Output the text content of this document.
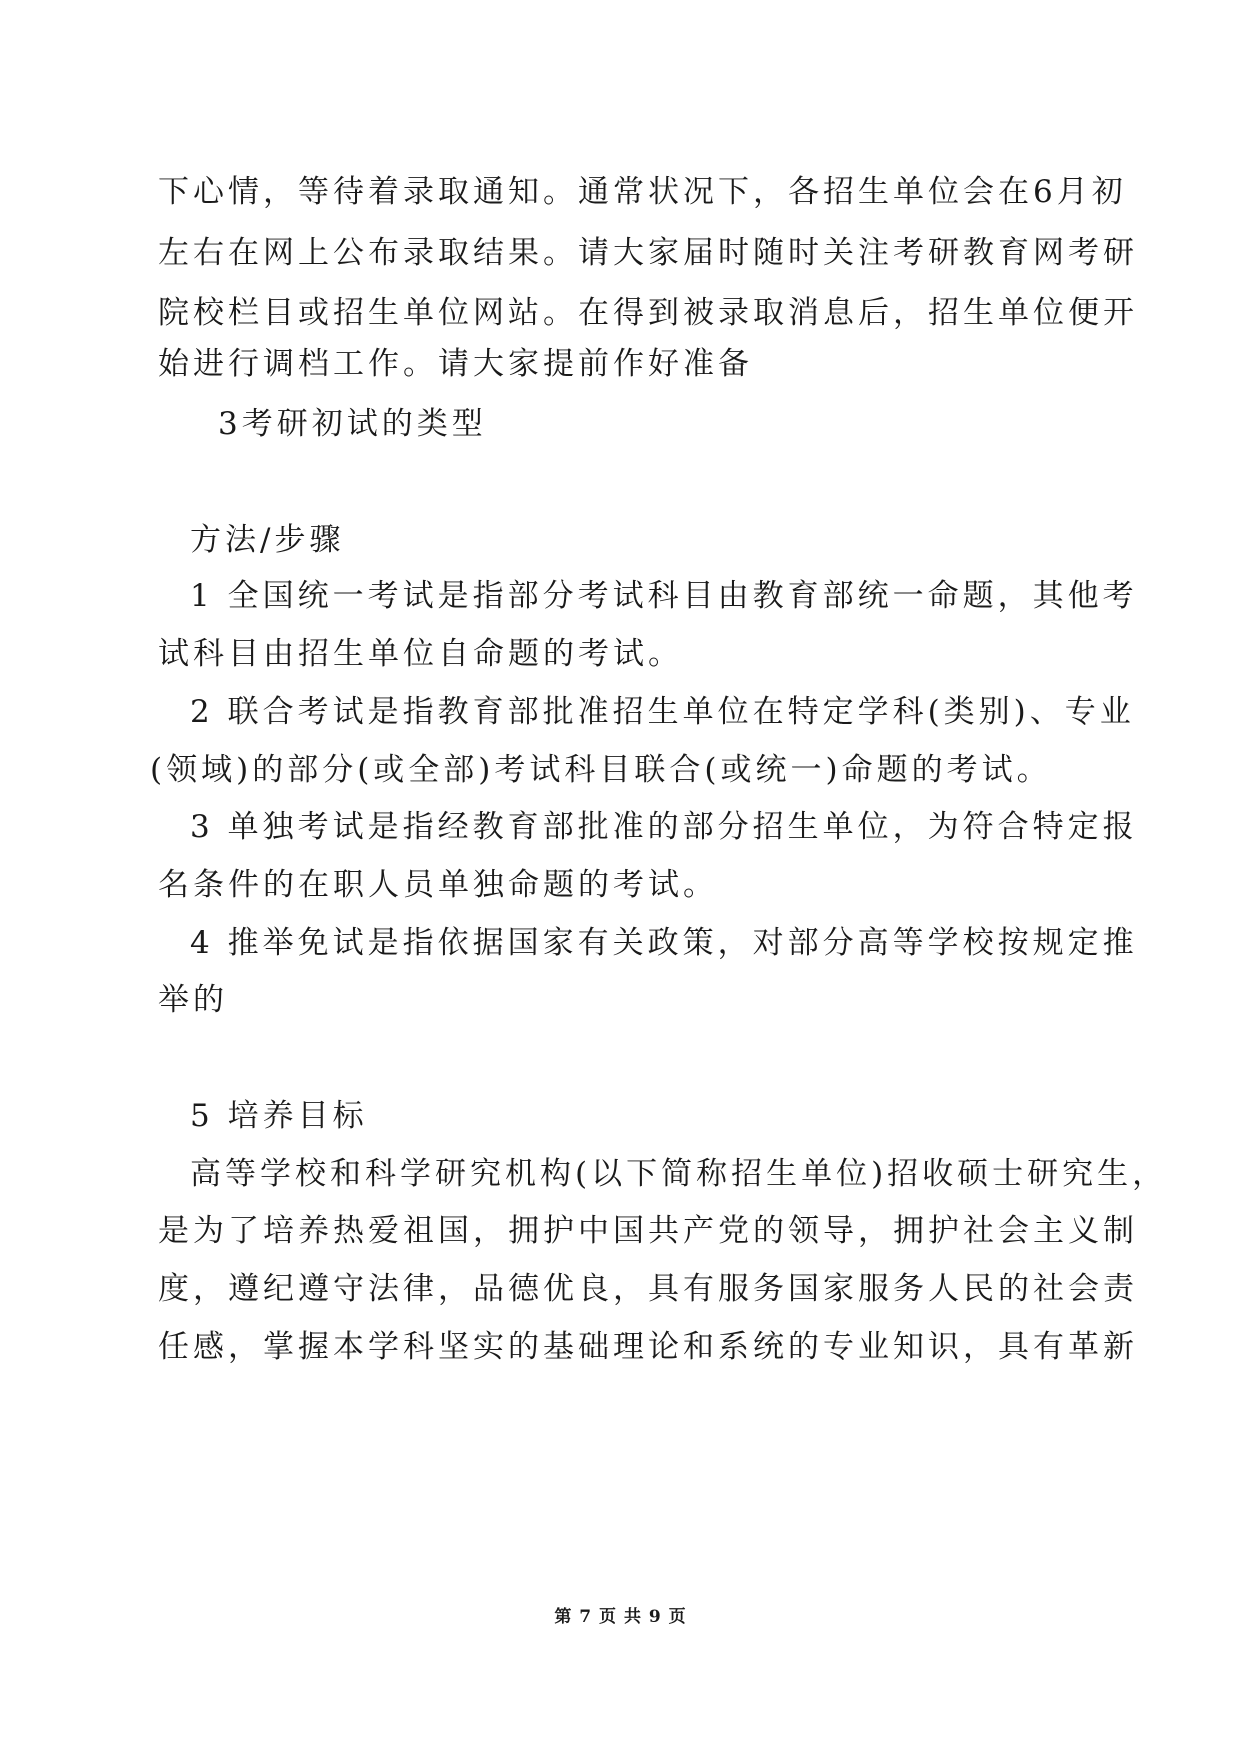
下心情，等待着录取通知。通常状况下，各招生单位会在6月初
左右在网上公布录取结果。请大家届时随时关注考研教育网考研
院校栏目或招生单位网站。在得到被录取消息后，招生单位便开
始进行调档工作。请大家提前作好准备
3考研初试的类型
方法/步骤
1 全国统一考试是指部分考试科目由教育部统一命题，其他考
试科目由招生单位自命题的考试。
2 联合考试是指教育部批准招生单位在特定学科(类别)、专业
(领域)的部分(或全部)考试科目联合(或统一)命题的考试。
3 单独考试是指经教育部批准的部分招生单位，为符合特定报
名条件的在职人员单独命题的考试。
4 推举免试是指依据国家有关政策，对部分高等学校按规定推
举的
5 培养目标
高等学校和科学研究机构(以下简称招生单位)招收硕士研究生，
是为了培养热爱祖国，拥护中国共产党的领导，拥护社会主义制
度，遵纪遵守法律，品德优良，具有服务国家服务人民的社会责
任感，掌握本学科坚实的基础理论和系统的专业知识，具有革新
第 7 页 共 9 页
